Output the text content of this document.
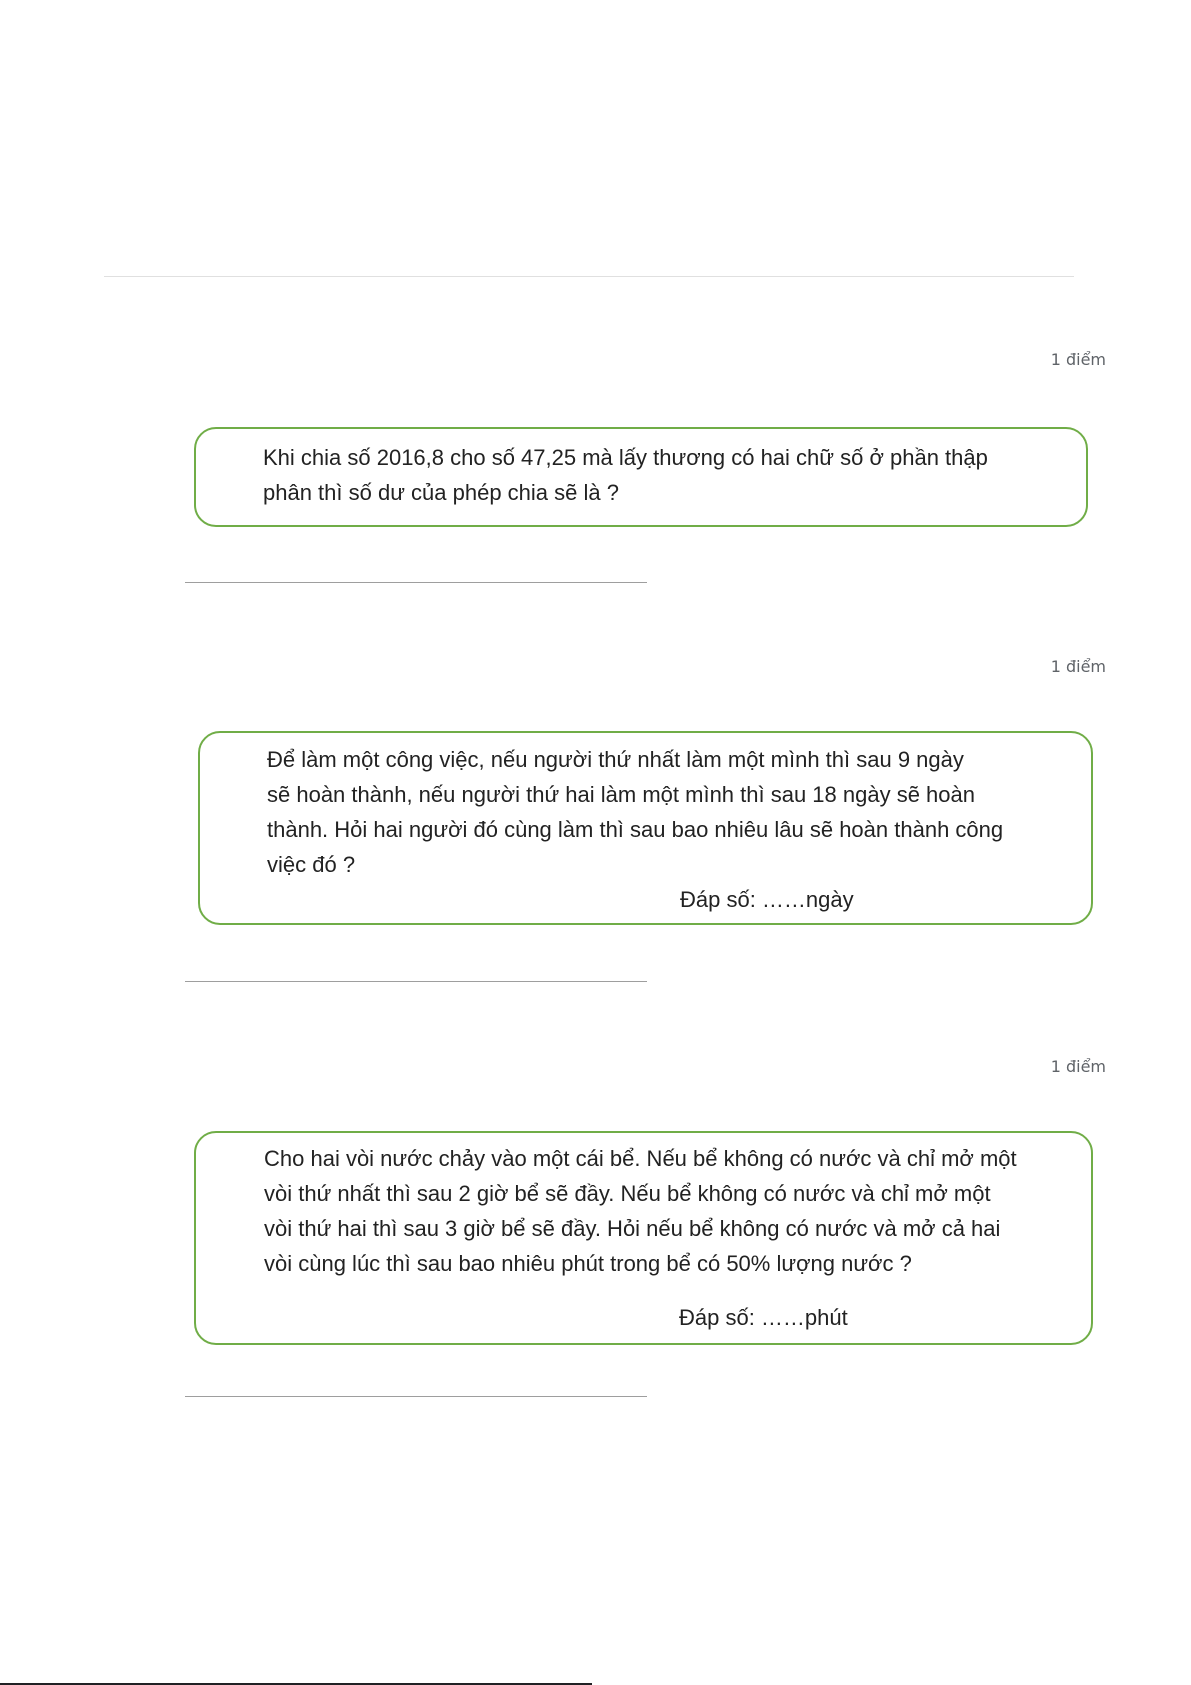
1 điểm
Khi chia số 2016,8 cho số 47,25 mà lấy thương có hai chữ số ở phần thập
phân thì số dư của phép chia sẽ là ?
1 điểm
Để làm một công việc, nếu người thứ nhất làm một mình thì sau 9 ngày
sẽ hoàn thành, nếu người thứ hai làm một mình thì sau 18 ngày sẽ hoàn
thành. Hỏi hai người đó cùng làm thì sau bao nhiêu lâu sẽ hoàn thành công
việc đó ?
Đáp số: ……ngày
1 điểm
Cho hai vòi nước chảy vào một cái bể. Nếu bể không có nước và chỉ mở một
vòi thứ nhất thì sau 2 giờ bể sẽ đầy. Nếu bể không có nước và chỉ mở một
vòi thứ hai thì sau 3 giờ bể sẽ đầy. Hỏi nếu bể không có nước và mở cả hai
vòi cùng lúc thì sau bao nhiêu phút trong bể có 50% lượng nước ?
Đáp số: ……phút
